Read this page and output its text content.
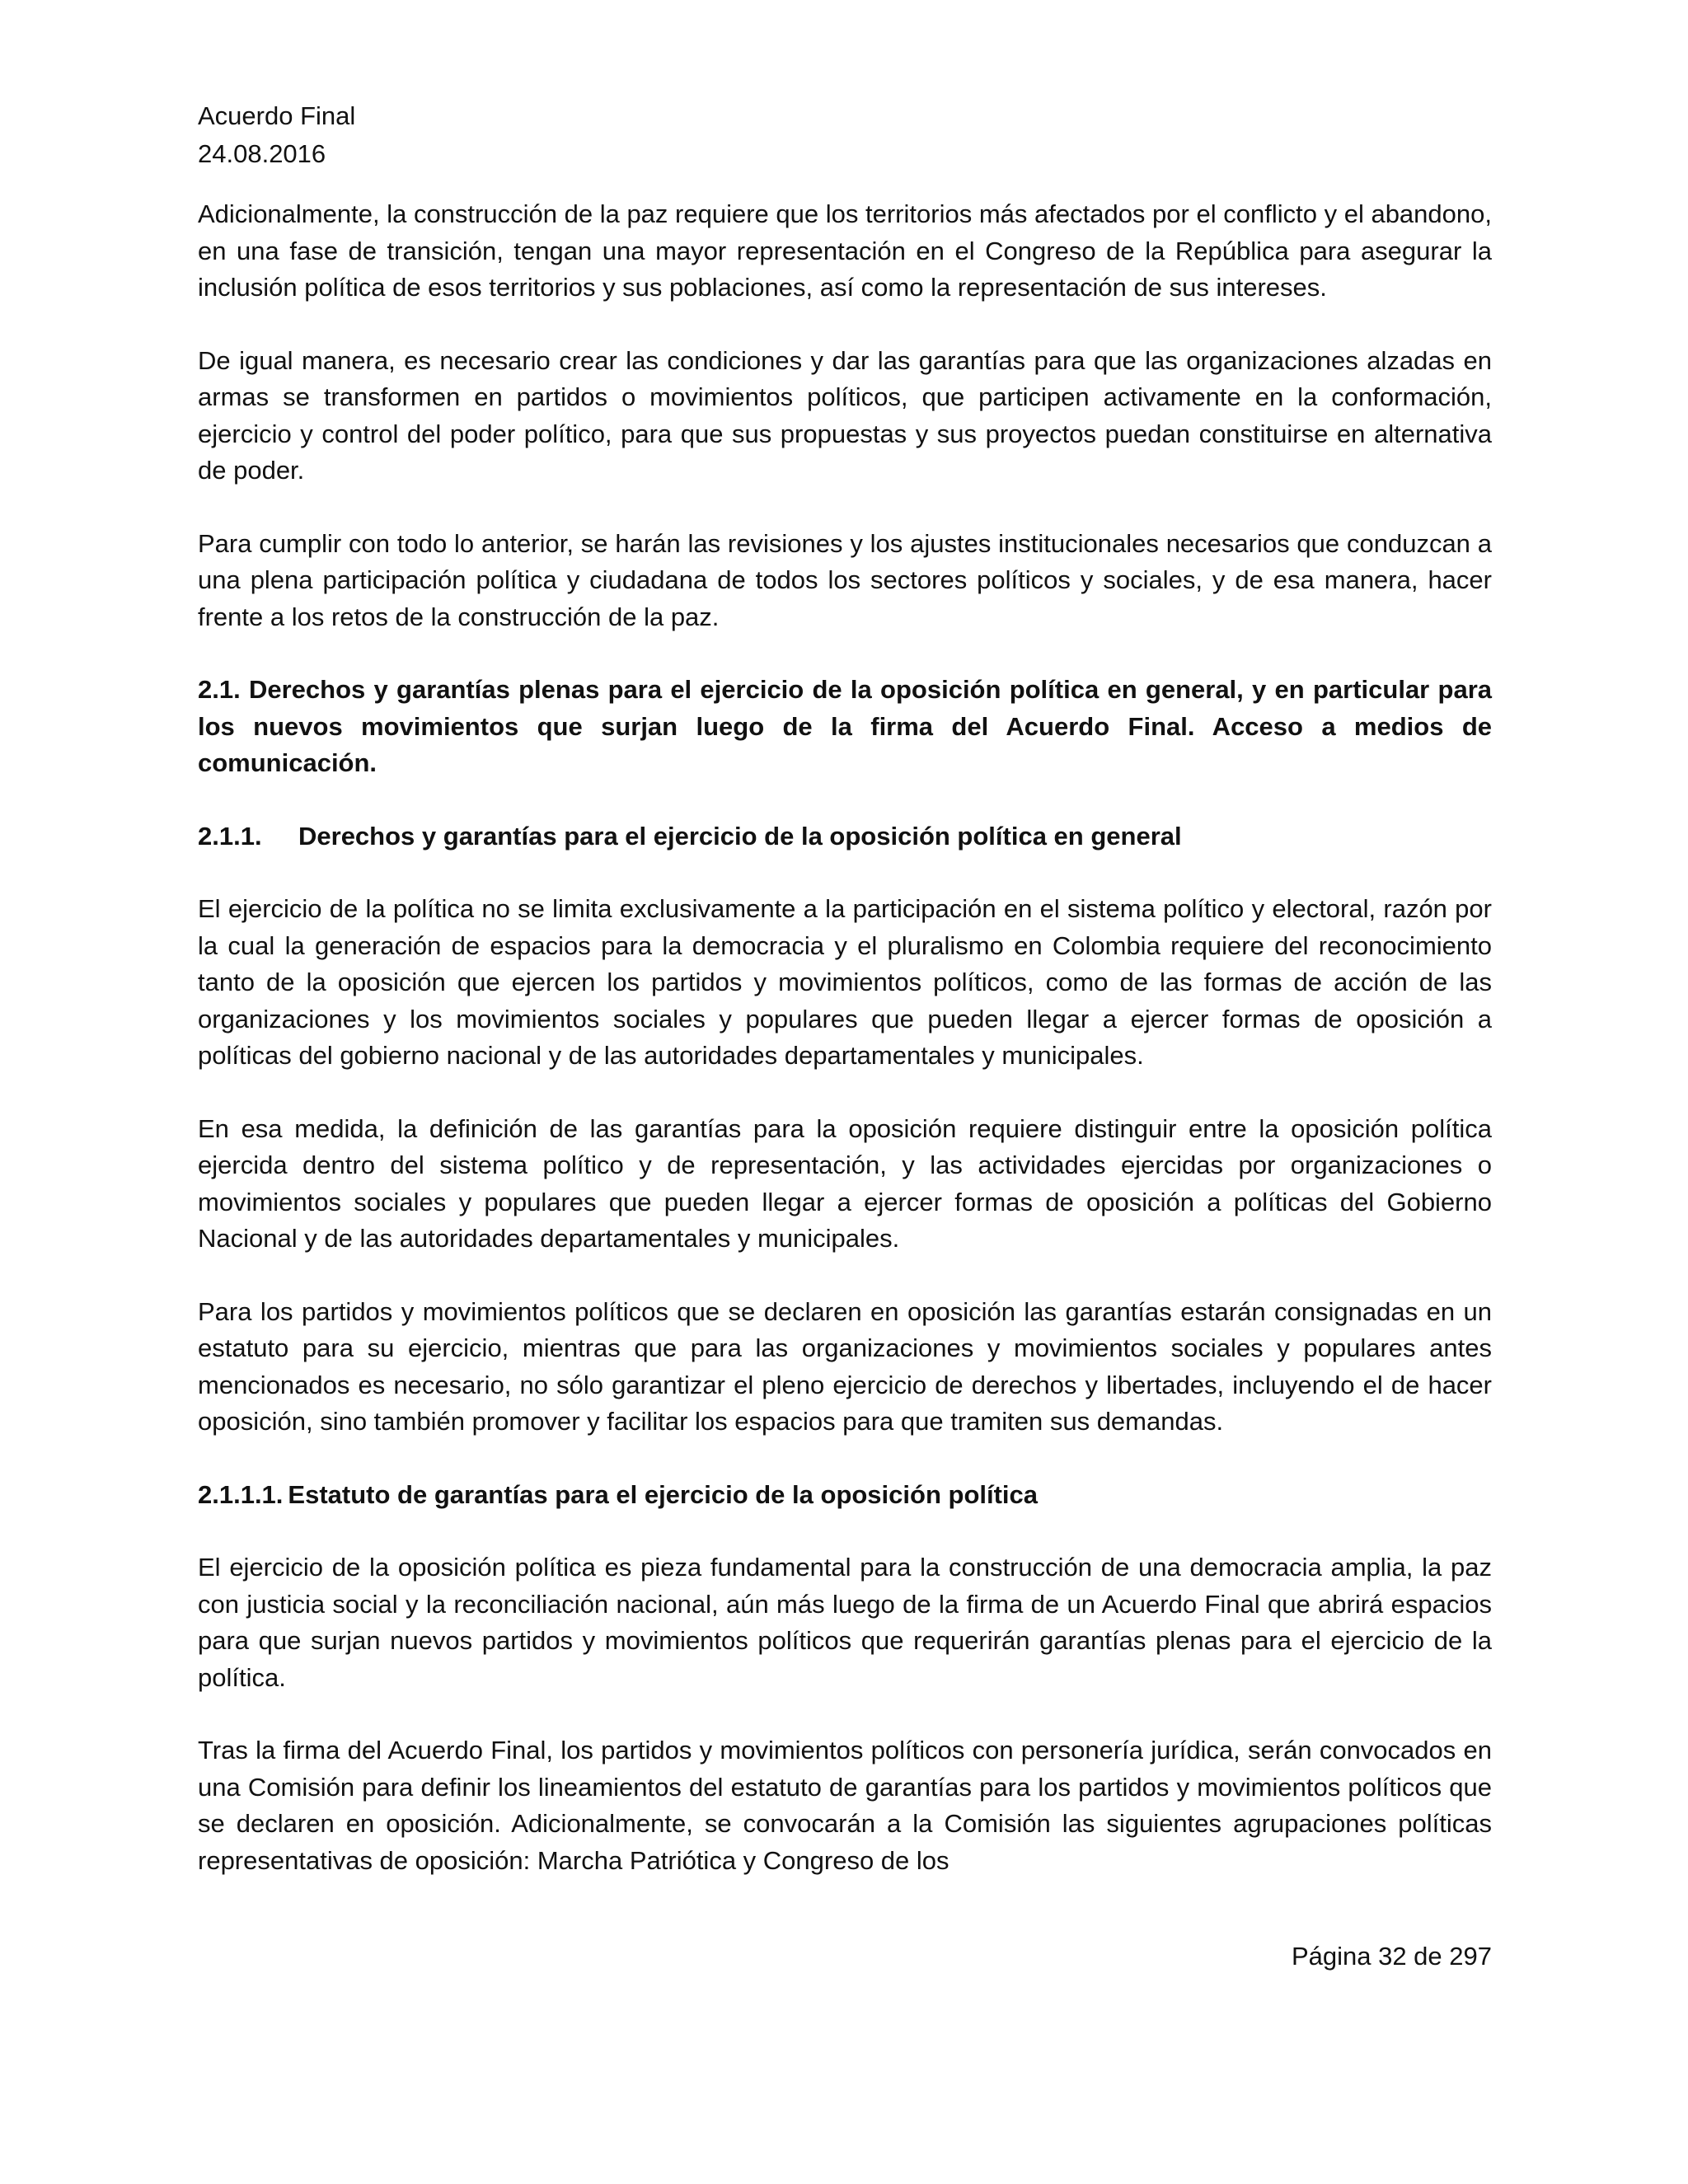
Acuerdo Final
24.08.2016

Adicionalmente, la construcción de la paz requiere que los territorios más afectados por el conflicto y el abandono, en una fase de transición, tengan una mayor representación en el Congreso de la República para asegurar la inclusión política de esos territorios y sus poblaciones, así como la representación de sus intereses.

De igual manera, es necesario crear las condiciones y dar las garantías para que las organizaciones alzadas en armas se transformen en partidos o movimientos políticos, que participen activamente en la conformación, ejercicio y control del poder político, para que sus propuestas y sus proyectos puedan constituirse en alternativa de poder.

Para cumplir con todo lo anterior, se harán las revisiones y los ajustes institucionales necesarios que conduzcan a una plena participación política y ciudadana de todos los sectores políticos y sociales, y de esa manera, hacer frente a los retos de la construcción de la paz.

2.1. Derechos y garantías plenas para el ejercicio de la oposición política en general, y en particular para los nuevos movimientos que surjan luego de la firma del Acuerdo Final. Acceso a medios de comunicación.

2.1.1. Derechos y garantías para el ejercicio de la oposición política en general

El ejercicio de la política no se limita exclusivamente a la participación en el sistema político y electoral, razón por la cual la generación de espacios para la democracia y el pluralismo en Colombia requiere del reconocimiento tanto de la oposición que ejercen los partidos y movimientos políticos, como de las formas de acción de las organizaciones y los movimientos sociales y populares que pueden llegar a ejercer formas de oposición a políticas del gobierno nacional y de las autoridades departamentales y municipales.

En esa medida, la definición de las garantías para la oposición requiere distinguir entre la oposición política ejercida dentro del sistema político y de representación, y las actividades ejercidas por organizaciones o movimientos sociales y populares que pueden llegar a ejercer formas de oposición a políticas del Gobierno Nacional y de las autoridades departamentales y municipales.

Para los partidos y movimientos políticos que se declaren en oposición las garantías estarán consignadas en un estatuto para su ejercicio, mientras que para las organizaciones y movimientos sociales y populares antes mencionados es necesario, no sólo garantizar el pleno ejercicio de derechos y libertades, incluyendo el de hacer oposición, sino también promover y facilitar los espacios para que tramiten sus demandas.

2.1.1.1. Estatuto de garantías para el ejercicio de la oposición política

El ejercicio de la oposición política es pieza fundamental para la construcción de una democracia amplia, la paz con justicia social y la reconciliación nacional, aún más luego de la firma de un Acuerdo Final que abrirá espacios para que surjan nuevos partidos y movimientos políticos que requerirán garantías plenas para el ejercicio de la política.

Tras la firma del Acuerdo Final, los partidos y movimientos políticos con personería jurídica, serán convocados en una Comisión para definir los lineamientos del estatuto de garantías para los partidos y movimientos políticos que se declaren en oposición. Adicionalmente, se convocarán a la Comisión las siguientes agrupaciones políticas representativas de oposición: Marcha Patriótica y Congreso de los

Página 32 de 297
